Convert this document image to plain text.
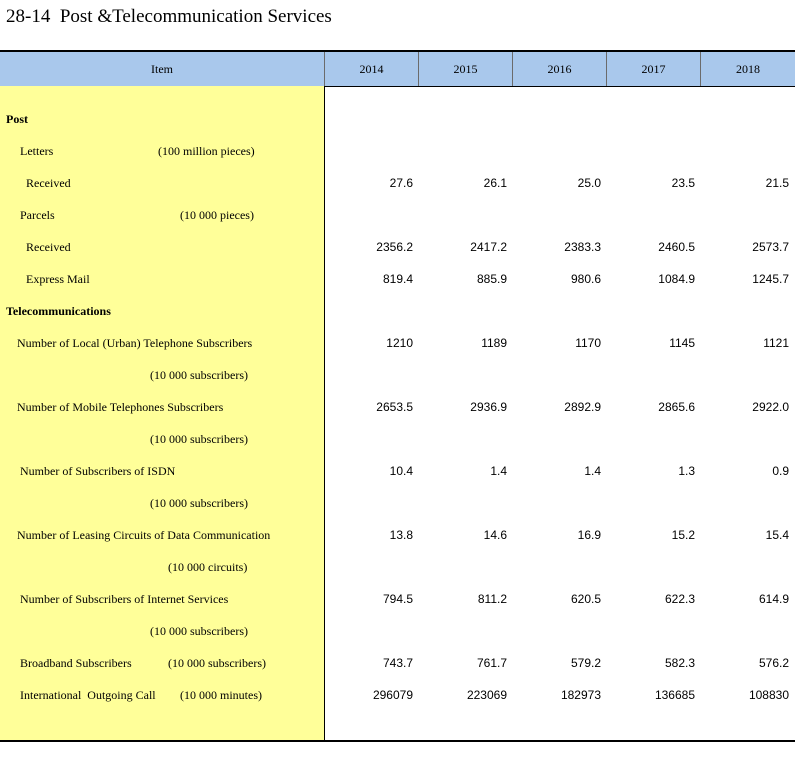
28-14  Post &Telecommunication Services
Item	2014	2015	2016	2017	2018
Post
Letters	(100 million pieces)
Received	27.6	26.1	25.0	23.5	21.5
Parcels	(10 000 pieces)
Received	2356.2	2417.2	2383.3	2460.5	2573.7
Express Mail	819.4	885.9	980.6	1084.9	1245.7
Telecommunications
Number of Local (Urban) Telephone Subscribers	1210	1189	1170	1145	1121
(10 000 subscribers)
Number of Mobile Telephones Subscribers	2653.5	2936.9	2892.9	2865.6	2922.0
(10 000 subscribers)
Number of Subscribers of ISDN	10.4	1.4	1.4	1.3	0.9
(10 000 subscribers)
Number of Leasing Circuits of Data Communication	13.8	14.6	16.9	15.2	15.4
(10 000 circuits)
Number of Subscribers of Internet Services	794.5	811.2	620.5	622.3	614.9
(10 000 subscribers)
Broadband Subscribers	(10 000 subscribers)	743.7	761.7	579.2	582.3	576.2
International  Outgoing Call (10 000 minutes)	296079	223069	182973	136685	108830
